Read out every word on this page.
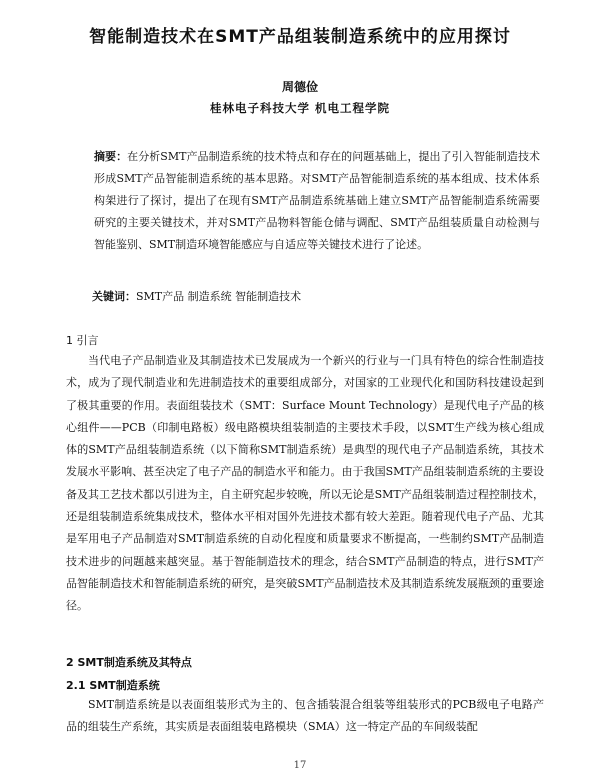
智能制造技术在SMT产品组装制造系统中的应用探讨
周德俭
桂林电子科技大学 机电工程学院
摘要：在分析SMT产品制造系统的技术特点和存在的问题基础上，提出了引入智能制造技术形成SMT产品智能制造系统的基本思路。对SMT产品智能制造系统的基本组成、技术体系构架进行了探讨，提出了在现有SMT产品制造系统基础上建立SMT产品智能制造系统需要研究的主要关键技术，并对SMT产品物料智能仓储与调配、SMT产品组装质量自动检测与智能鉴别、SMT制造环境智能感应与自适应等关键技术进行了论述。
关键词：SMT产品 制造系统 智能制造技术
1 引言
当代电子产品制造业及其制造技术已发展成为一个新兴的行业与一门具有特色的综合性制造技术，成为了现代制造业和先进制造技术的重要组成部分，对国家的工业现代化和国防科技建设起到了极其重要的作用。表面组装技术（SMT：Surface Mount Technology）是现代电子产品的核心组件——PCB（印制电路板）级电路模块组装制造的主要技术手段，以SMT生产线为核心组成体的SMT产品组装制造系统（以下简称SMT制造系统）是典型的现代电子产品制造系统，其技术发展水平影响、甚至决定了电子产品的制造水平和能力。由于我国SMT产品组装制造系统的主要设备及其工艺技术都以引进为主，自主研究起步较晚，所以无论是SMT产品组装制造过程控制技术，还是组装制造系统集成技术，整体水平相对国外先进技术都有较大差距。随着现代电子产品、尤其是军用电子产品制造对SMT制造系统的自动化程度和质量要求不断提高，一些制约SMT产品制造技术进步的问题越来越突显。基于智能制造技术的理念，结合SMT产品制造的特点，进行SMT产品智能制造技术和智能制造系统的研究，是突破SMT产品制造技术及其制造系统发展瓶颈的重要途径。
2 SMT制造系统及其特点
2.1 SMT制造系统
SMT制造系统是以表面组装形式为主的、包含插装混合组装等组装形式的PCB级电子电路产品的组装生产系统，其实质是表面组装电路模块（SMA）这一特定产品的车间级装配
17
